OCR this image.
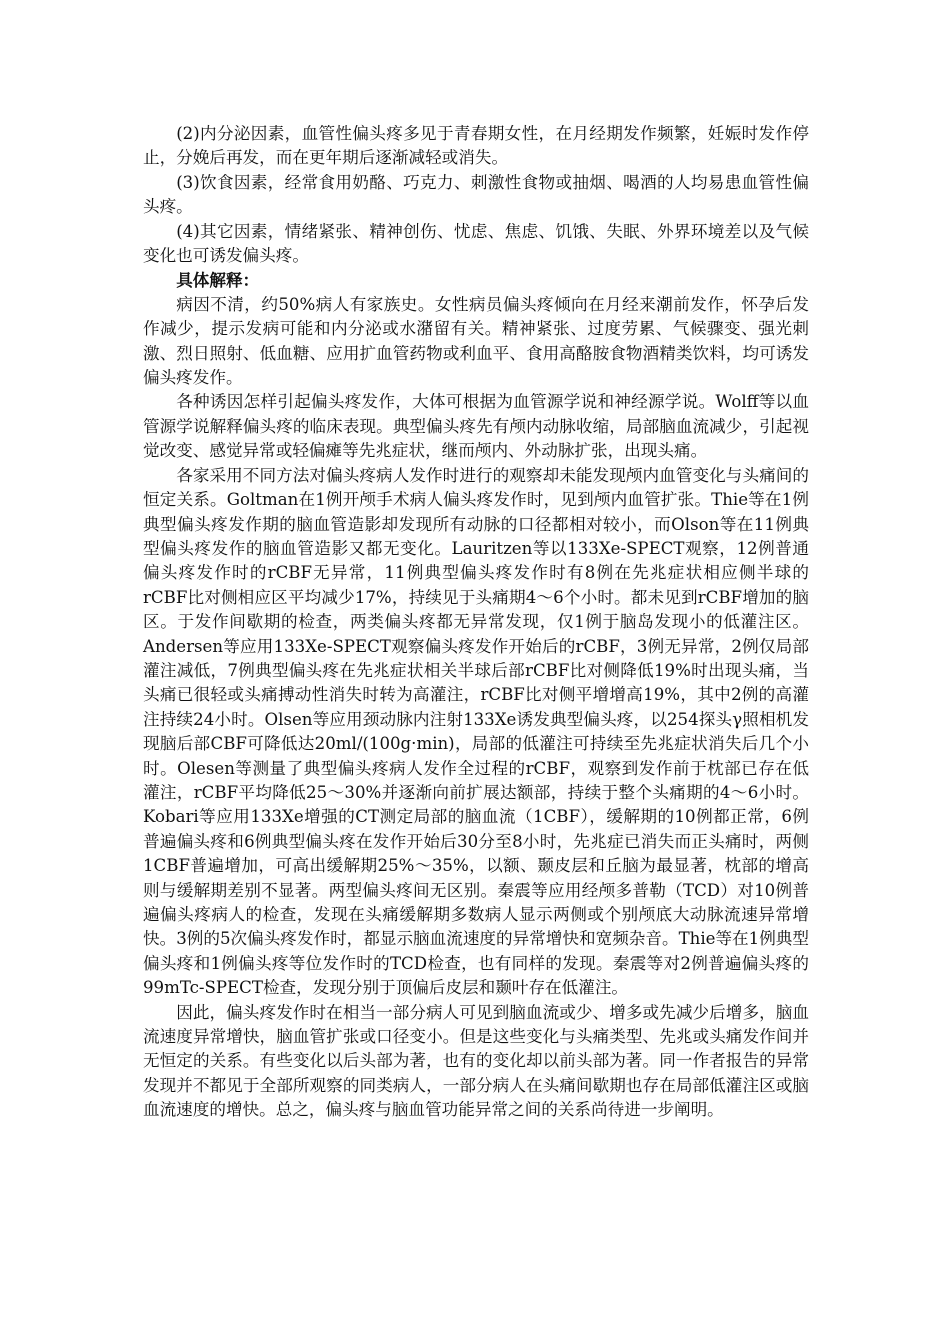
(2)内分泌因素，血管性偏头疼多见于青春期女性，在月经期发作频繁，妊娠时发作停止，分娩后再发，而在更年期后逐渐减轻或消失。

(3)饮食因素，经常食用奶酪、巧克力、刺激性食物或抽烟、喝酒的人均易患血管性偏头疼。

(4)其它因素，情绪紧张、精神创伤、忧虑、焦虑、饥饿、失眠、外界环境差以及气候变化也可诱发偏头疼。

具体解释：

病因不清，约50%病人有家族史。女性病员偏头疼倾向在月经来潮前发作，怀孕后发作减少，提示发病可能和内分泌或水潴留有关。精神紧张、过度劳累、气候骤变、强光刺激、烈日照射、低血糖、应用扩血管药物或利血平、食用高酪胺食物酒精类饮料，均可诱发偏头疼发作。

各种诱因怎样引起偏头疼发作，大体可根据为血管源学说和神经源学说。Wolff等以血管源学说解释偏头疼的临床表现。典型偏头疼先有颅内动脉收缩，局部脑血流减少，引起视觉改变、感觉异常或轻偏瘫等先兆症状，继而颅内、外动脉扩张，出现头痛。

各家采用不同方法对偏头疼病人发作时进行的观察却未能发现颅内血管变化与头痛间的恒定关系。Goltman在1例开颅手术病人偏头疼发作时，见到颅内血管扩张。Thie等在1例典型偏头疼发作期的脑血管造影却发现所有动脉的口径都相对较小，而Olson等在11例典型偏头疼发作的脑血管造影又都无变化。Lauritzen等以133Xe-SPECT观察，12例普通偏头疼发作时的rCBF无异常，11例典型偏头疼发作时有8例在先兆症状相应侧半球的rCBF比对侧相应区平均减少17%，持续见于头痛期4～6个小时。都未见到rCBF增加的脑区。于发作间歇期的检查，两类偏头疼都无异常发现，仅1例于脑岛发现小的低灌注区。Andersen等应用133Xe-SPECT观察偏头疼发作开始后的rCBF，3例无异常，2例仅局部灌注减低，7例典型偏头疼在先兆症状相关半球后部rCBF比对侧降低19%时出现头痛，当头痛已很轻或头痛搏动性消失时转为高灌注，rCBF比对侧平增增高19%，其中2例的高灌注持续24小时。Olsen等应用颈动脉内注射133Xe诱发典型偏头疼，以254探头γ照相机发现脑后部CBF可降低达20ml/(100g·min)，局部的低灌注可持续至先兆症状消失后几个小时。Olesen等测量了典型偏头疼病人发作全过程的rCBF，观察到发作前于枕部已存在低灌注，rCBF平均降低25～30%并逐渐向前扩展达额部，持续于整个头痛期的4～6小时。Kobari等应用133Xe增强的CT测定局部的脑血流（1CBF），缓解期的10例都正常，6例普遍偏头疼和6例典型偏头疼在发作开始后30分至8小时，先兆症已消失而正头痛时，两侧1CBF普遍增加，可高出缓解期25%～35%，以额、颞皮层和丘脑为最显著，枕部的增高则与缓解期差别不显著。两型偏头疼间无区别。秦震等应用经颅多普勒（TCD）对10例普遍偏头疼病人的检查，发现在头痛缓解期多数病人显示两侧或个别颅底大动脉流速异常增快。3例的5次偏头疼发作时，都显示脑血流速度的异常增快和宽频杂音。Thie等在1例典型偏头疼和1例偏头疼等位发作时的TCD检查，也有同样的发现。秦震等对2例普遍偏头疼的99mTc-SPECT检查，发现分别于顶偏后皮层和颞叶存在低灌注。

因此，偏头疼发作时在相当一部分病人可见到脑血流或少、增多或先减少后增多，脑血流速度异常增快，脑血管扩张或口径变小。但是这些变化与头痛类型、先兆或头痛发作间并无恒定的关系。有些变化以后头部为著，也有的变化却以前头部为著。同一作者报告的异常发现并不都见于全部所观察的同类病人，一部分病人在头痛间歇期也存在局部低灌注区或脑血流速度的增快。总之，偏头疼与脑血管功能异常之间的关系尚待进一步阐明。
